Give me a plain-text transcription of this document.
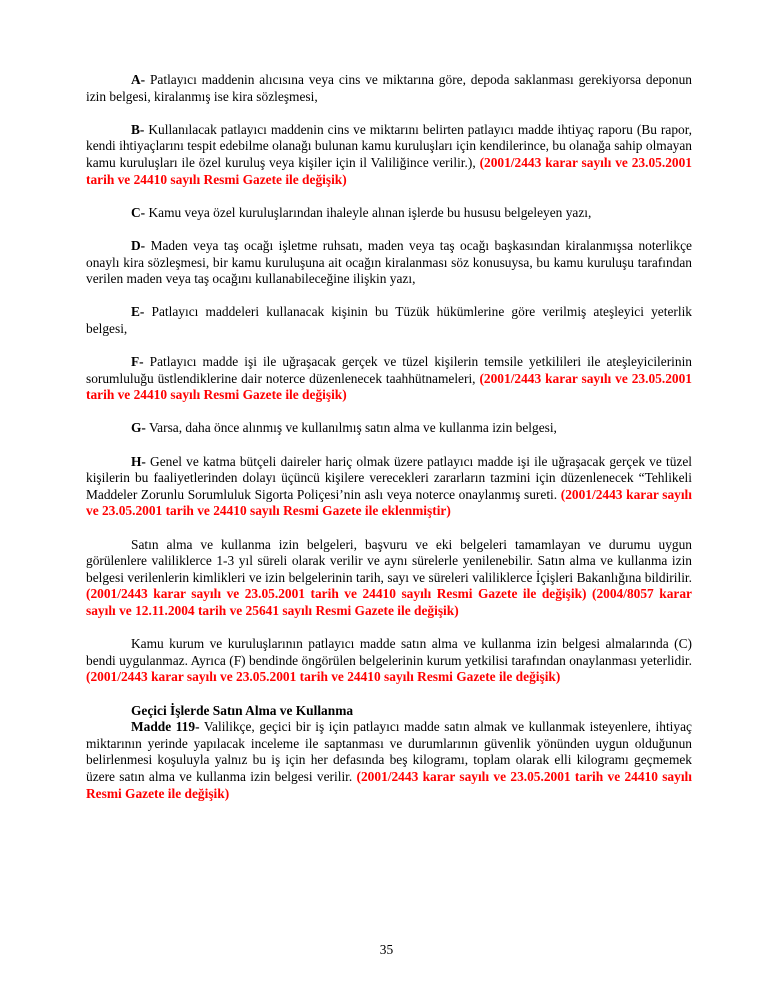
A- Patlayıcı maddenin alıcısına veya cins ve miktarına göre, depoda saklanması gerekiyorsa deponun izin belgesi, kiralanmış ise kira sözleşmesi,

B- Kullanılacak patlayıcı maddenin cins ve miktarını belirten patlayıcı madde ihtiyaç raporu (Bu rapor, kendi ihtiyaçlarını tespit edebilme olanağı bulunan kamu kuruluşları için kendilerince, bu olanağa sahip olmayan kamu kuruluşları ile özel kuruluş veya kişiler için il Valiliğince verilir.), (2001/2443 karar sayılı ve 23.05.2001 tarih ve 24410 sayılı Resmi Gazete ile değişik)

C- Kamu veya özel kuruluşlarından ihaleyle alınan işlerde bu hususu belgeleyen yazı,

D- Maden veya taş ocağı işletme ruhsatı, maden veya taş ocağı başkasından kiralanmışsa noterlikçe onaylı kira sözleşmesi, bir kamu kuruluşuna ait ocağın kiralanması söz konusuysa, bu kamu kuruluşu tarafından verilen maden veya taş ocağını kullanabileceğine ilişkin yazı,

E- Patlayıcı maddeleri kullanacak kişinin bu Tüzük hükümlerine göre verilmiş ateşleyici yeterlik belgesi,

F- Patlayıcı madde işi ile uğraşacak gerçek ve tüzel kişilerin temsile yetkilileri ile ateşleyicilerinin sorumluluğu üstlendiklerine dair noterce düzenlenecek taahhütnameleri, (2001/2443 karar sayılı ve 23.05.2001 tarih ve 24410 sayılı Resmi Gazete ile değişik)

G- Varsa, daha önce alınmış ve kullanılmış satın alma ve kullanma izin belgesi,

H- Genel ve katma bütçeli daireler hariç olmak üzere patlayıcı madde işi ile uğraşacak gerçek ve tüzel kişilerin bu faaliyetlerinden dolayı üçüncü kişilere verecekleri zararların tazmini için düzenlenecek “Tehlikeli Maddeler Zorunlu Sorumluluk Sigorta Poliçesi’nin aslı veya noterce onaylanmış sureti. (2001/2443 karar sayılı ve 23.05.2001 tarih ve 24410 sayılı Resmi Gazete ile eklenmiştir)

Satın alma ve kullanma izin belgeleri, başvuru ve eki belgeleri tamamlayan ve durumu uygun görülenlere valiliklerce 1-3 yıl süreli olarak verilir ve aynı sürelerle yenilenebilir. Satın alma ve kullanma izin belgesi verilenlerin kimlikleri ve izin belgelerinin tarih, sayı ve süreleri valiliklerce İçişleri Bakanlığına bildirilir. (2001/2443 karar sayılı ve 23.05.2001 tarih ve 24410 sayılı Resmi Gazete ile değişik) (2004/8057 karar sayılı ve 12.11.2004 tarih ve 25641 sayılı Resmi Gazete ile değişik)

Kamu kurum ve kuruluşlarının patlayıcı madde satın alma ve kullanma izin belgesi almalarında (C) bendi uygulanmaz. Ayrıca (F) bendinde öngörülen belgelerinin kurum yetkilisi tarafından onaylanması yeterlidir. (2001/2443 karar sayılı ve 23.05.2001 tarih ve 24410 sayılı Resmi Gazete ile değişik)

Geçici İşlerde Satın Alma ve Kullanma
Madde 119- Valilikçe, geçici bir iş için patlayıcı madde satın almak ve kullanmak isteyenlere, ihtiyaç miktarının yerinde yapılacak inceleme ile saptanması ve durumlarının güvenlik yönünden uygun olduğunun belirlenmesi koşuluyla yalnız bu iş için her defasında beş kilogramı, toplam olarak elli kilogramı geçmemek üzere satın alma ve kullanma izin belgesi verilir. (2001/2443 karar sayılı ve 23.05.2001 tarih ve 24410 sayılı Resmi Gazete ile değişik)
35
